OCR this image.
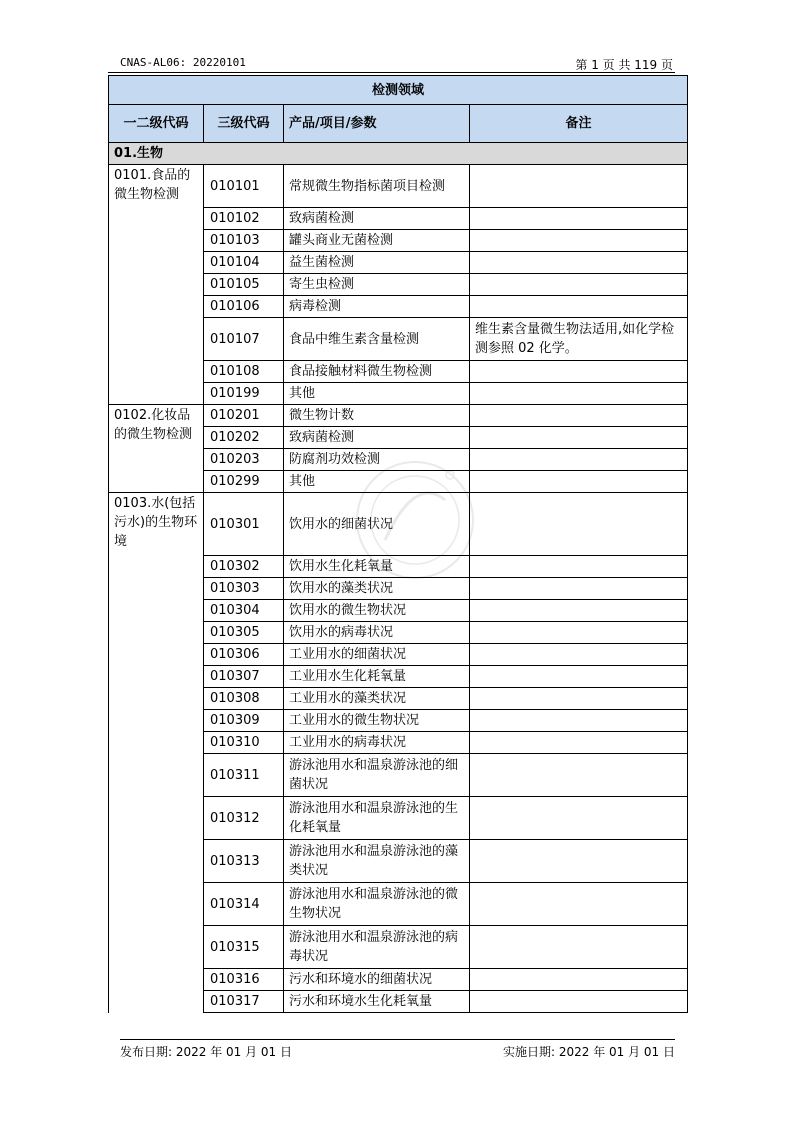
CNAS-AL06: 20220101	第 1 页 共 119 页
检测领域			
一二级代码	三级代码	产品/项目/参数	备注
01.生物			
0101.食品的微生物检测	010101	常规微生物指标菌项目检测	
	010102	致病菌检测	
	010103	罐头商业无菌检测	
	010104	益生菌检测	
	010105	寄生虫检测	
	010106	病毒检测	
	010107	食品中维生素含量检测	维生素含量微生物法适用,如化学检测参照 02 化学。
	010108	食品接触材料微生物检测	
	010199	其他	
0102.化妆品的微生物检测	010201	微生物计数	
	010202	致病菌检测	
	010203	防腐剂功效检测	
	010299	其他	
0103.水(包括污水)的生物环境	010301	饮用水的细菌状况	
	010302	饮用水生化耗氧量	
	010303	饮用水的藻类状况	
	010304	饮用水的微生物状况	
	010305	饮用水的病毒状况	
	010306	工业用水的细菌状况	
	010307	工业用水生化耗氧量	
	010308	工业用水的藻类状况	
	010309	工业用水的微生物状况	
	010310	工业用水的病毒状况	
	010311	游泳池用水和温泉游泳池的细菌状况	
	010312	游泳池用水和温泉游泳池的生化耗氧量	
	010313	游泳池用水和温泉游泳池的藻类状况	
	010314	游泳池用水和温泉游泳池的微生物状况	
	010315	游泳池用水和温泉游泳池的病毒状况	
	010316	污水和环境水的细菌状况	
	010317	污水和环境水生化耗氧量	
发布日期: 2022 年 01 月 01 日	实施日期: 2022 年 01 月 01 日
